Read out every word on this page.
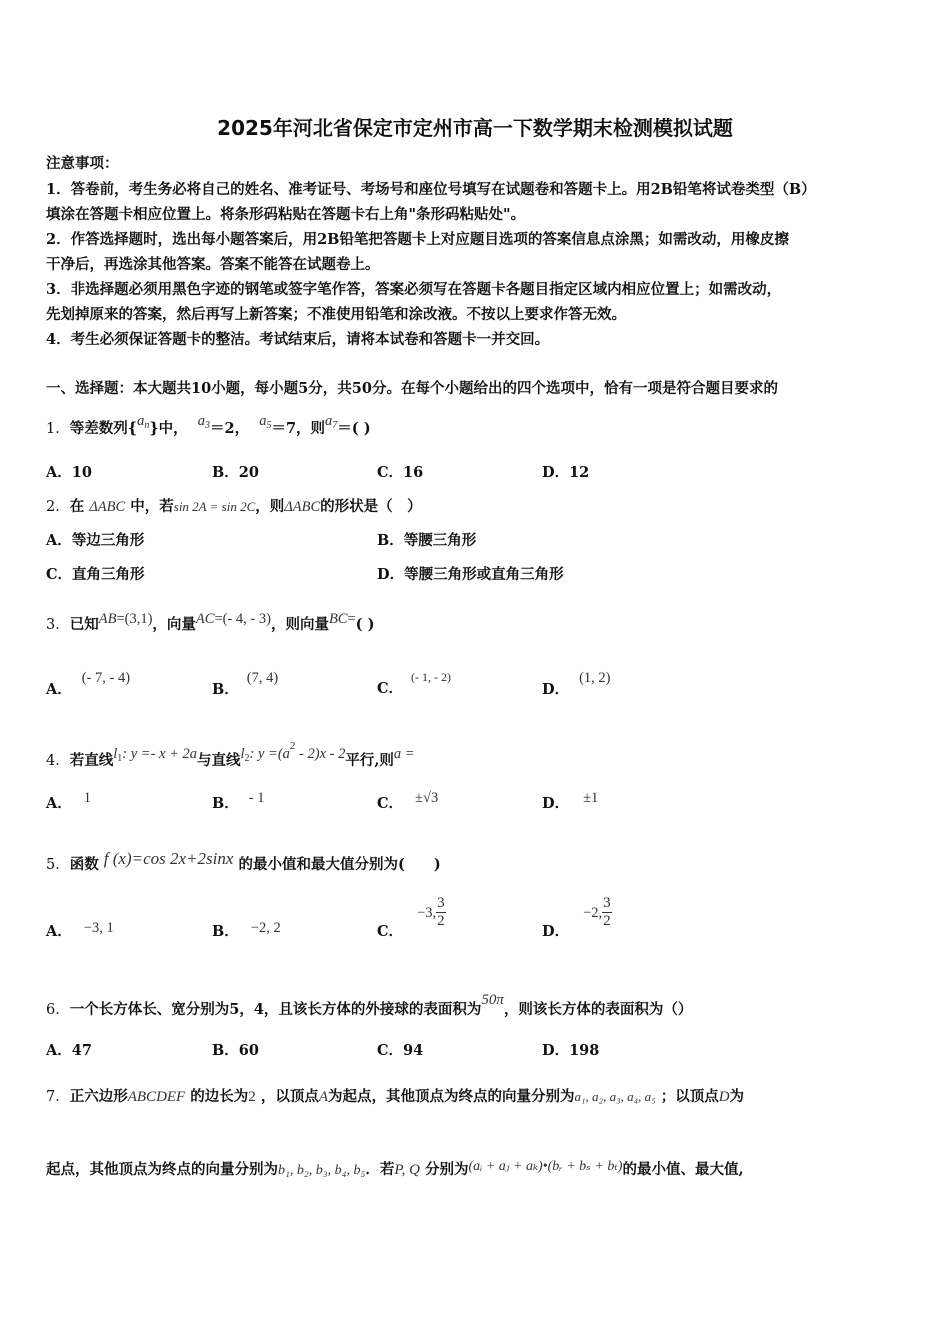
2025年河北省保定市定州市高一下数学期末检测模拟试题
注意事项：
1．答卷前，考生务必将自己的姓名、准考证号、考场号和座位号填写在试题卷和答题卡上。用2B铅笔将试卷类型（B）
填涂在答题卡相应位置上。将条形码粘贴在答题卡右上角"条形码粘贴处"。
2．作答选择题时，选出每小题答案后，用2B铅笔把答题卡上对应题目选项的答案信息点涂黑；如需改动，用橡皮擦
干净后，再选涂其他答案。答案不能答在试题卷上。
3．非选择题必须用黑色字迹的钢笔或签字笔作答，答案必须写在答题卡各题目指定区域内相应位置上；如需改动，
先划掉原来的答案，然后再写上新答案；不准使用铅笔和涂改液。不按以上要求作答无效。
4．考生必须保证答题卡的整洁。考试结束后，请将本试卷和答题卡一并交回。
一、选择题：本大题共10小题，每小题5分，共50分。在每个小题给出的四个选项中，恰有一项是符合题目要求的
1．等差数列$\{a_n\}$中， $a_3=2$， $a_5=7$，则$a_7=$( )
A．10	B．20	C．16	D．12
2．在 ΔABC 中，若sin 2A = sin 2C，则ΔABC的形状是（　）
A．等边三角形	B．等腰三角形
C．直角三角形	D．等腰三角形或直角三角形
3．已知AB=(3,1)，向量AC=(- 4, - 3)，则向量BC=( )
A．(- 7, - 4)
B．(7, 4)
C．$^{(- 1, - 2)}$
D．(1, 2)
4．若直线$l_1$: y =- x + 2a与直线$l_2$: $y =(a^2 - 2)x - 2$平行,则a =
A． 1	B． - 1	C． ±√3	D． ±1
5．函数 f (x)=cos 2x+2sinx 的最小值和最大值分别为(　　)
A． −3, 1	B． −2, 2	C．−3, $\frac{3}{2}$
D．−2, $\frac{3}{2}$
6．一个长方体长、宽分别为5，4，且该长方体的外接球的表面积为50π，则该长方体的表面积为（）
A．47	B．60	C．94	D．198
7．正六边形ABCDEF 的边长为2 ，以顶点A为起点，其他顶点为终点的向量分别为a₁, a₂, a₃, a₄, a₅ ；以顶点D为
起点，其他顶点为终点的向量分别为b₁, b₂, b₃, b₄, b₅．若P, Q 分别为(aᵢ + aⱼ + aₖ)•(bᵣ + bₛ + bₜ)的最小值、最大值,
